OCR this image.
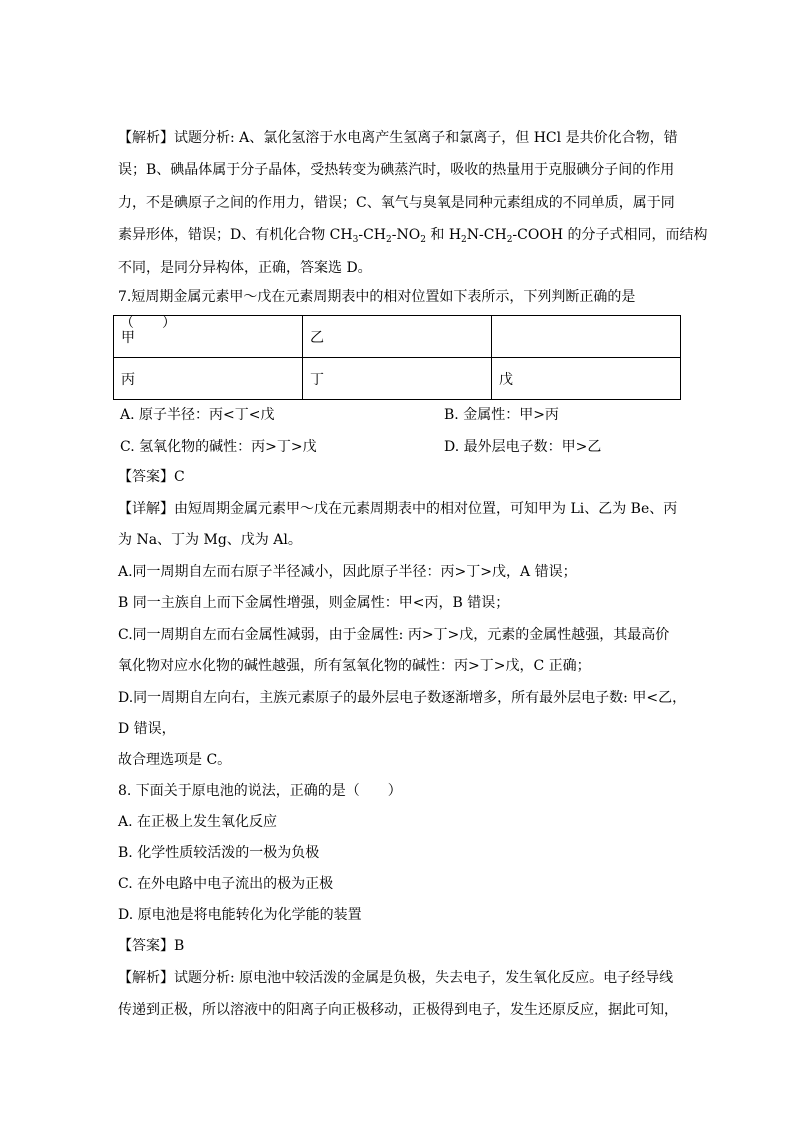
【解析】试题分析: A、氯化氢溶于水电离产生氢离子和氯离子，但 HCl 是共价化合物，错
误；B、碘晶体属于分子晶体，受热转变为碘蒸汽时，吸收的热量用于克服碘分子间的作用
力，不是碘原子之间的作用力，错误；C、氧气与臭氧是同种元素组成的不同单质，属于同
素异形体，错误；D、有机化合物 $CH_3-CH_2-NO_2$ 和 $H_2N-CH_2$-COOH 的分子式相同，而结构
不同，是同分异构体，正确，答案选 D。
7.短周期金属元素甲～戊在元素周期表中的相对位置如下表所示，下列判断正确的是
（　　）
甲	乙	
丙	丁	戊
A. 原子半径：丙<丁<戊	B. 金属性：甲>丙
C. 氢氧化物的碱性：丙>丁>戊	D. 最外层电子数：甲>乙
【答案】C
【详解】由短周期金属元素甲～戊在元素周期表中的相对位置，可知甲为 Li、乙为 Be、丙
为 Na、丁为 Mg、戊为 Al。
A.同一周期自左而右原子半径减小，因此原子半径：丙>丁>戊，A 错误；
B 同一主族自上而下金属性增强，则金属性：甲<丙，B 错误；
C.同一周期自左而右金属性减弱，由于金属性: 丙>丁>戊，元素的金属性越强，其最高价
氧化物对应水化物的碱性越强，所有氢氧化物的碱性：丙>丁>戊，C 正确；
D.同一周期自左向右，主族元素原子的最外层电子数逐渐增多，所有最外层电子数: 甲<乙，
D 错误，
故合理选项是 C。
8. 下面关于原电池的说法，正确的是（　　）
A. 在正极上发生氧化反应
B. 化学性质较活泼的一极为负极
C. 在外电路中电子流出的极为正极
D. 原电池是将电能转化为化学能的装置
【答案】B
【解析】试题分析: 原电池中较活泼的金属是负极，失去电子，发生氧化反应。电子经导线
传递到正极，所以溶液中的阳离子向正极移动，正极得到电子，发生还原反应，据此可知，
